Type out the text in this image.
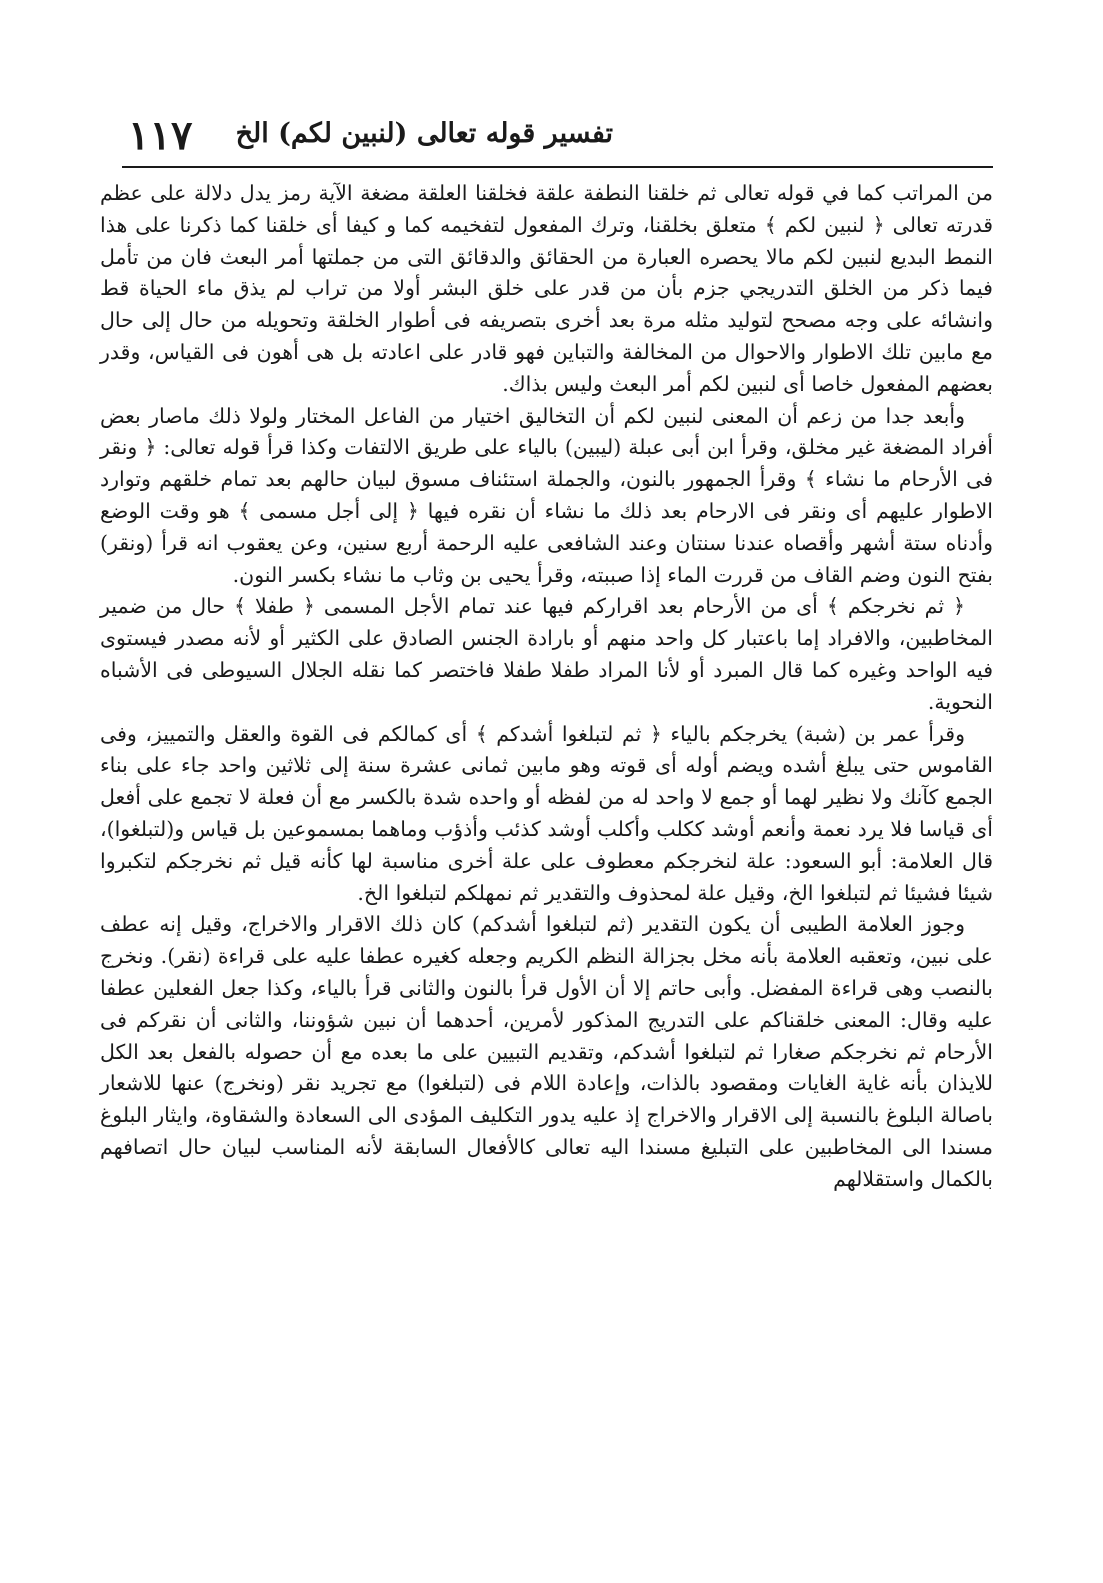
تفسير قوله تعالى (لنبين لكم) الخ
١١٧

من المراتب كما في قوله تعالى ثم خلقنا النطفة علقة فخلقنا العلقة مضغة الآية رمز يدل دلالة على عظم قدرته تعالى ﴿ لنبين لكم ﴾ متعلق بخلقنا، وترك المفعول لتفخيمه كما و كيفا أى خلقنا كما ذكرنا على هذا النمط البديع لنبين لكم مالا يحصره العبارة من الحقائق والدقائق التى من جملتها أمر البعث فان من تأمل فيما ذكر من الخلق التدريجي جزم بأن من قدر على خلق البشر أولا من تراب لم يذق ماء الحياة قط وانشائه على وجه مصحح لتوليد مثله مرة بعد أخرى بتصريفه فى أطوار الخلقة وتحويله من حال إلى حال مع مابين تلك الاطوار والاحوال من المخالفة والتباين فهو قادر على اعادته بل هى أهون فى القياس، وقدر بعضهم المفعول خاصا أى لنبين لكم أمر البعث وليس بذاك.

وأبعد جدا من زعم أن المعنى لنبين لكم أن التخاليق اختيار من الفاعل المختار ولولا ذلك ماصار بعض أفراد المضغة غير مخلق، وقرأ ابن أبى عبلة (ليبين) بالياء على طريق الالتفات وكذا قرأ قوله تعالى: ﴿ ونقر فى الأرحام ما نشاء ﴾ وقرأ الجمهور بالنون، والجملة استئناف مسوق لبيان حالهم بعد تمام خلقهم وتوارد الاطوار عليهم أى ونقر فى الارحام بعد ذلك ما نشاء أن نقره فيها ﴿ إلى أجل مسمى ﴾ هو وقت الوضع وأدناه ستة أشهر وأقصاه عندنا سنتان وعند الشافعى عليه الرحمة أربع سنين، وعن يعقوب انه قرأ (ونقر) بفتح النون وضم القاف من قررت الماء إذا صببته، وقرأ يحيى بن وثاب ما نشاء بكسر النون.

﴿ ثم نخرجكم ﴾ أى من الأرحام بعد اقراركم فيها عند تمام الأجل المسمى ﴿ طفلا ﴾ حال من ضمير المخاطبين، والافراد إما باعتبار كل واحد منهم أو بارادة الجنس الصادق على الكثير أو لأنه مصدر فيستوى فيه الواحد وغيره كما قال المبرد أو لأنا المراد طفلا طفلا فاختصر كما نقله الجلال السيوطى فى الأشباه النحوية.

وقرأ عمر بن (شبة) يخرجكم بالياء ﴿ ثم لتبلغوا أشدكم ﴾ أى كمالكم فى القوة والعقل والتمييز، وفى القاموس حتى يبلغ أشده ويضم أوله أى قوته وهو مابين ثمانى عشرة سنة إلى ثلاثين واحد جاء على بناء الجمع كآنك ولا نظير لهما أو جمع لا واحد له من لفظه أو واحده شدة بالكسر مع أن فعلة لا تجمع على أفعل أى قياسا فلا يرد نعمة وأنعم أوشد ككلب وأكلب أوشد كذئب وأذؤب وماهما بمسموعين بل قياس و(لتبلغوا)، قال العلامة: أبو السعود: علة لنخرجكم معطوف على علة أخرى مناسبة لها كأنه قيل ثم نخرجكم لتكبروا شيئا فشيئا ثم لتبلغوا الخ، وقيل علة لمحذوف والتقدير ثم نمهلكم لتبلغوا الخ.

وجوز العلامة الطيبى أن يكون التقدير (ثم لتبلغوا أشدكم) كان ذلك الاقرار والاخراج، وقيل إنه عطف على نبين، وتعقبه العلامة بأنه مخل بجزالة النظم الكريم وجعله كغيره عطفا عليه على قراءة (نقر). ونخرج بالنصب وهى قراءة المفضل. وأبى حاتم إلا أن الأول قرأ بالنون والثانى قرأ بالياء، وكذا جعل الفعلين عطفا عليه وقال: المعنى خلقناكم على التدريج المذكور لأمرين، أحدهما أن نبين شؤوننا، والثانى أن نقركم فى الأرحام ثم نخرجكم صغارا ثم لتبلغوا أشدكم، وتقديم التبيين على ما بعده مع أن حصوله بالفعل بعد الكل للايذان بأنه غاية الغايات ومقصود بالذات، وإعادة اللام فى (لتبلغوا) مع تجريد نقر (ونخرج) عنها للاشعار باصالة البلوغ بالنسبة إلى الاقرار والاخراج إذ عليه يدور التكليف المؤدى الى السعادة والشقاوة، وايثار البلوغ مسندا الى المخاطبين على التبليغ مسندا اليه تعالى كالأفعال السابقة لأنه المناسب لبيان حال اتصافهم بالكمال واستقلالهم
